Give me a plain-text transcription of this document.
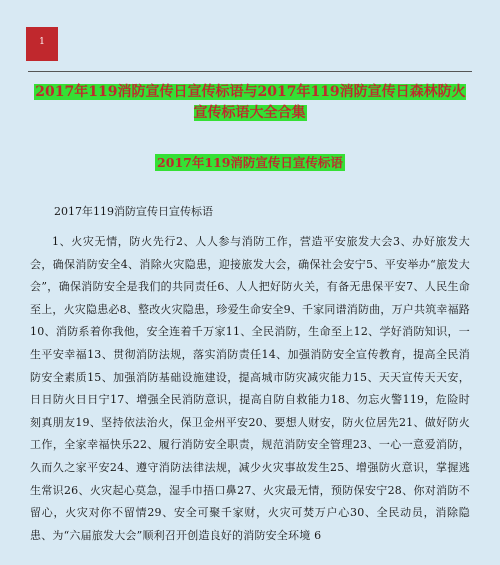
1
2017年119消防宣传日宣传标语与2017年119消防宣传日森林防火宣传标语大全合集
2017年119消防宣传日宣传标语
2017年119消防宣传日宣传标语
1、火灾无情，防火先行2、人人参与消防工作，营造平安旅发大会3、办好旅发大会，确保消防安全4、消除火灾隐患，迎接旅发大会，确保社会安宁5、平安举办“旅发大会”，确保消防安全是我们的共同责任6、人人把好防火关，有备无患保平安7、人民生命至上，火灾隐患必8、整改火灾隐患，珍爱生命安全9、千家同谱消防曲，万户共筑幸福路10、消防系着你我他，安全连着千万家11、全民消防，生命至上12、学好消防知识，一生平安幸福13、贯彻消防法规，落实消防责任14、加强消防安全宣传教育，提高全民消防安全素质15、加强消防基础设施建设，提高城市防灾减灾能力15、天天宣传天天安，日日防火日日宁17、增强全民消防意识，提高自防自救能力18、勿忘火警119，危险时刻真朋友19、坚持依法治火，保卫金州平安20、要想人财安，防火位居先21、做好防火工作，全家幸福快乐22、履行消防安全职责，规范消防安全管理23、一心一意爱消防，久而久之家平安24、遵守消防法律法规，减少火灾事故发生25、增强防火意识，掌握逃生常识26、火灾起心莫急，湿手巾捂口鼻27、火灾最无情，预防保安宁28、你对消防不留心，火灾对你不留情29、安全可聚千家财，火灾可焚万户心30、全民动员，消除隐患、为“六届旅发大会”顺利召开创造良好的消防安全环境 6
